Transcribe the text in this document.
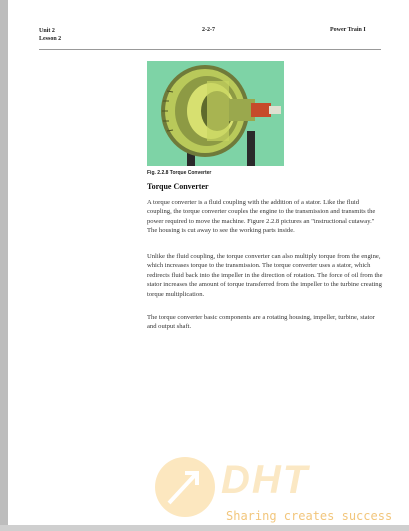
Unit 2
Lesson 2
2-2-7	Power Train I
Fig. 2.2.8 Torque Converter
Torque Converter
A torque converter is a fluid coupling with the addition of a stator. Like the fluid coupling, the torque converter couples the engine to the transmission and transmits the power required to move the machine. Figure 2.2.8 pictures an "instructional cutaway." The housing is cut away to see the working parts inside.
Unlike the fluid coupling, the torque converter can also multiply torque from the engine, which increases torque to the transmission. The torque converter uses a stator, which redirects fluid back into the impeller in the direction of rotation. The force of oil from the stator increases the amount of torque transferred from the impeller to the turbine creating torque multiplication.
The torque converter basic components are a rotating housing, impeller, turbine, stator and output shaft.
DHT
Sharing creates success
